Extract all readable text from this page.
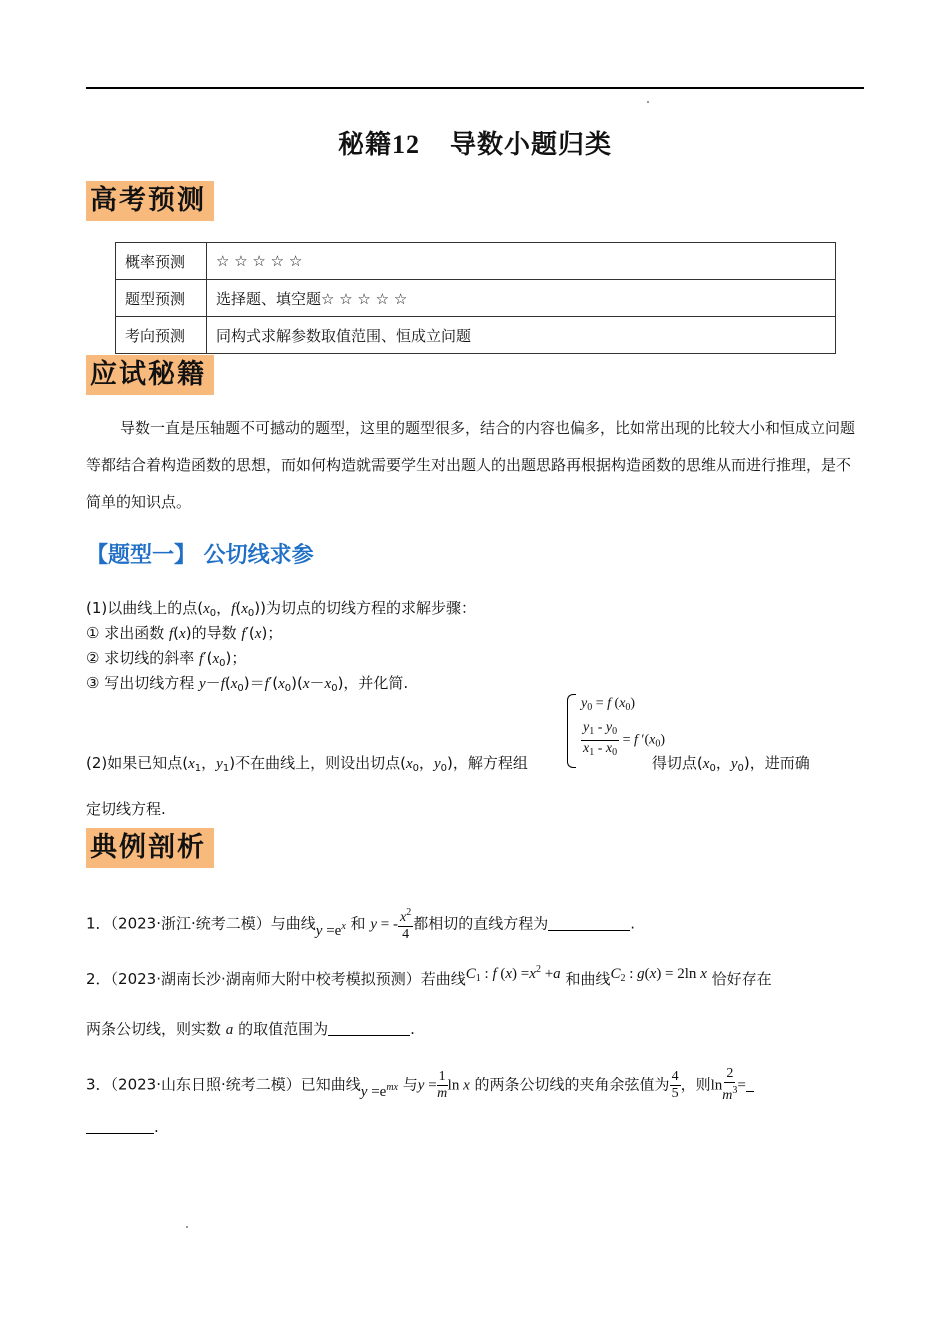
秘籍12 导数小题归类
高考预测
概率预测	☆ ☆ ☆ ☆ ☆
题型预测	选择题、填空题☆ ☆ ☆ ☆ ☆
考向预测	同构式求解参数取值范围、恒成立问题
应试秘籍
导数一直是压轴题不可撼动的题型，这里的题型很多，结合的内容也偏多，比如常出现的比较大小和恒成立问题等都结合着构造函数的思想，而如何构造就需要学生对出题人的出题思路再根据构造函数的思维从而进行推理，是不简单的知识点。
【题型一】 公切线求参
(1)以曲线上的点($x_0$，$f(x_0)$)为切点的切线方程的求解步骤：
① 求出函数 f(x)的导数 f′(x)；
② 求切线的斜率 $f'(x_0)$；
③ 写出切线方程 $y-f(x_0)=f'(x_0)(x-x_0)$，并化简.
$y_0 = f$ $(x_0)$
$\frac{y_1 - y_0}{x_1 - x_0} = f$ $'(x_0)$
(2)如果已知点($x_1$，$y_1$)不在曲线上，则设出切点($x_0$，$y_0$)，解方程组	得切点($x_0$，$y_0$)，进而确
定切线方程.
典例剖析
1．（2023·浙江·统考二模）与曲线$y =e^x$ 和 y = - $\frac{x^2}{4}$ 都相切的直线方程为	.
2．（2023·湖南长沙·湖南师大附中校考模拟预测）若曲线$C_1$ : f $(x) =x^2 +a$ 和曲线$C_2$ : g(x) = 2ln x 恰好存在
两条公切线，则实数 a 的取值范围为	.
3．（2023·山东日照·统考二模）已知曲线$y =e^{mx}$ 与$y = \frac{1}{m}$ ln x 的两条公切线的夹角余弦值为 $\frac{4}{5}$ ，则$\ln \frac{2}{m^3}$ =
.
